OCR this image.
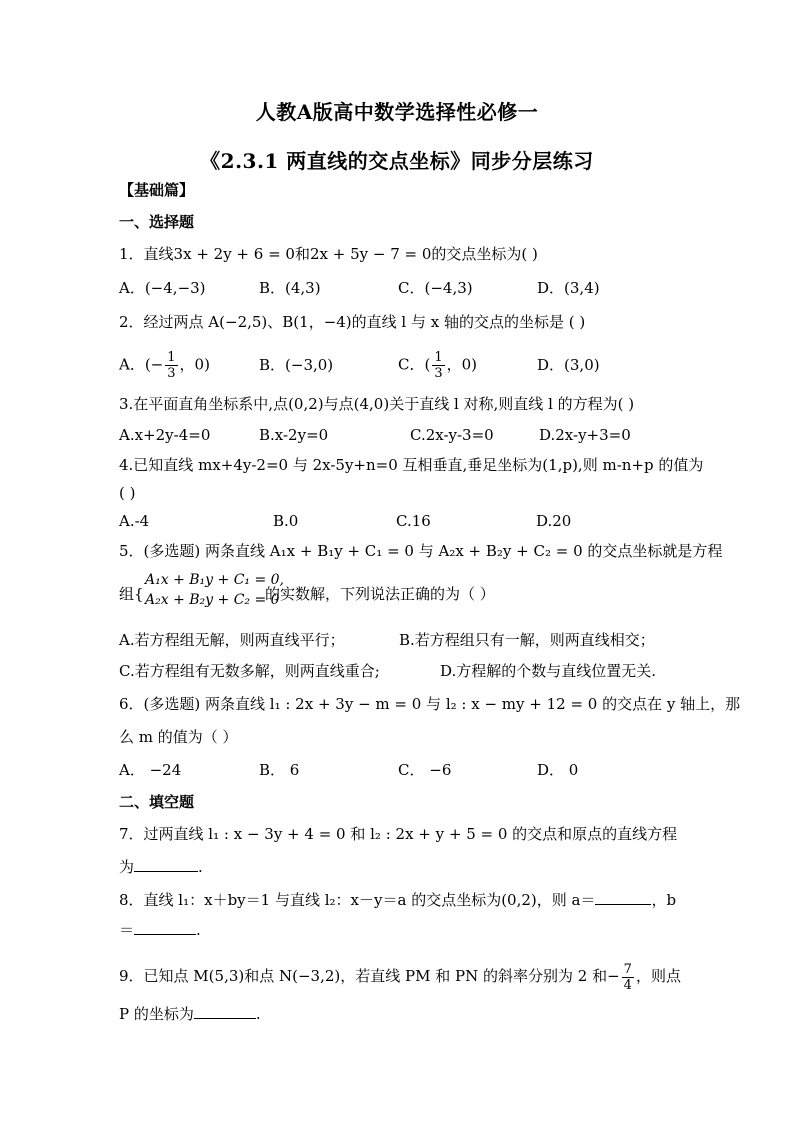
人教A版高中数学选择性必修一
《2.3.1 两直线的交点坐标》同步分层练习
【基础篇】
一、选择题
1．直线3x + 2y + 6 = 0和2x + 5y − 7 = 0的交点坐标为( )
A．(−4,−3)	B．(4,3)	C．(−4,3)	D．(3,4)
2．经过两点 A(−2,5)、B(1，−4)的直线 l 与 x 轴的交点的坐标是 ( )
A．(− $\frac{1}{3}$ ，0)	B．(−3,0)	C．( $\frac{1}{3}$ ，0)	D．(3,0)
3.在平面直角坐标系中,点(0,2)与点(4,0)关于直线 l 对称,则直线 l 的方程为( )
A.x+2y-4=0	B.x-2y=0	C.2x-y-3=0	D.2x-y+3=0
4.已知直线 mx+4y-2=0 与 2x-5y+n=0 互相垂直,垂足坐标为(1,p),则 m-n+p 的值为
( )
A.-4	B.0	C.16	D.20
5．(多选题) 两条直线 A₁x + B₁y + C₁ = 0 与 A₂x + B₂y + C₂ = 0 的交点坐标就是方程
组{
A₁x + B₁y + C₁ = 0,
A₂x + B₂y + C₂ = 0
的实数解，下列说法正确的为（ ）
A.若方程组无解，则两直线平行；	B.若方程组只有一解，则两直线相交；
C.若方程组有无数多解，则两直线重合;	D.方程解的个数与直线位置无关.
6．(多选题) 两条直线 l₁ : 2x + 3y − m = 0 与 l₂ : x − my + 12 = 0 的交点在 y 轴上，那
么 m 的值为（ ）
A． −24	B． 6	C． −6	D． 0
二、填空题
7．过两直线 l₁ : x − 3y + 4 = 0 和 l₂ : 2x + y + 5 = 0 的交点和原点的直线方程
为	.
8．直线 l₁：x＋by＝1 与直线 l₂：x－y＝a 的交点坐标为(0,2)，则 a＝	，b
＝	.
9．已知点 M(5,3)和点 N(−3,2)，若直线 PM 和 PN 的斜率分别为 2 和− $\frac{7}{4}$ ，则点
P 的坐标为	.
